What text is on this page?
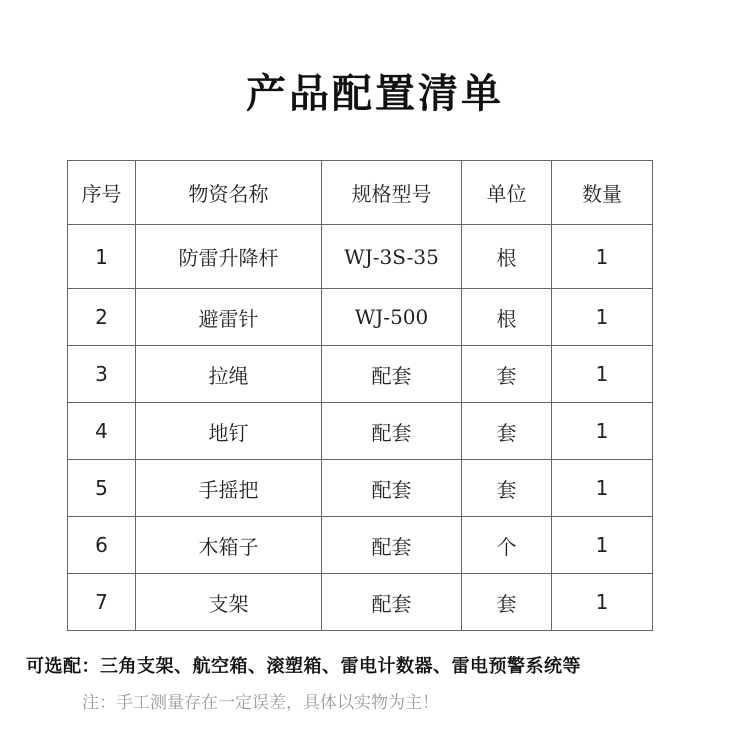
产品配置清单
序号	物资名称	规格型号	单位	数量
1	防雷升降杆	WJ-3S-35	根	1
2	避雷针	WJ-500	根	1
3	拉绳	配套	套	1
4	地钉	配套	套	1
5	手摇把	配套	套	1
6	木箱子	配套	个	1
7	支架	配套	套	1
可选配：三角支架、航空箱、滚塑箱、雷电计数器、雷电预警系统等
注：手工测量存在一定误差，具体以实物为主！
